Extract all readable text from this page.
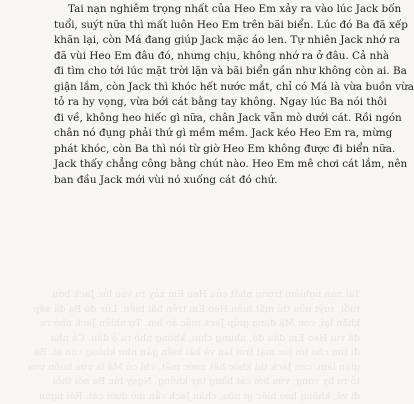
Tai nạn nghiêm trọng nhất của Heo Em xảy ra vào lúc Jack bốn
tuổi, suýt nữa thì mất luôn Heo Em trên bãi biển. Lúc đó Ba đã xếp
khăn lại, còn Má đang giúp Jack mặc áo len. Tự nhiên Jack nhớ ra
đã vùi Heo Em đâu đó, nhưng chịu, không nhớ ra ở đâu. Cả nhà
đi tìm cho tới lúc mặt trời lặn và bãi biển gần như không còn ai. Ba
giận lắm, còn Jack thì khóc hết nước mắt, chỉ có Má là vừa buồn vừa
tỏ ra hy vọng, vừa bới cát bằng tay không. Ngay lúc Ba nói thôi
đi về, không heo hiếc gì nữa, chân Jack vẫn mò dưới cát. Rồi ngón
chân nó đụng phải thứ gì mềm mềm. Jack kéo Heo Em ra, mừng
phát khóc, còn Ba thì nói từ giờ Heo Em không được đi biển nữa.
Jack thấy chẳng công bằng chút nào. Heo Em mê chơi cát lắm, nên
ban đầu Jack mới vùi nó xuống cát đó chứ.
Tai nạn nghiêm trọng nhất của Heo Em xảy ra vào lúc Jack bốn
tuổi, suýt nữa thì mất luôn Heo Em trên bãi biển. Lúc đó Ba đã xếp
khăn lại, còn Má đang giúp Jack mặc áo len. Tự nhiên Jack nhớ ra
đã vùi Heo Em đâu đó, nhưng chịu, không nhớ ra ở đâu. Cả nhà
đi tìm cho tới lúc mặt trời lặn và bãi biển gần như không còn ai. Ba
giận lắm, còn Jack thì khóc hết nước mắt, chỉ có Má là vừa buồn vừa
tỏ ra hy vọng, vừa bới cát bằng tay không. Ngay lúc Ba nói thôi
đi về, không heo hiếc gì nữa, chân Jack vẫn mò dưới cát. Rồi ngón
